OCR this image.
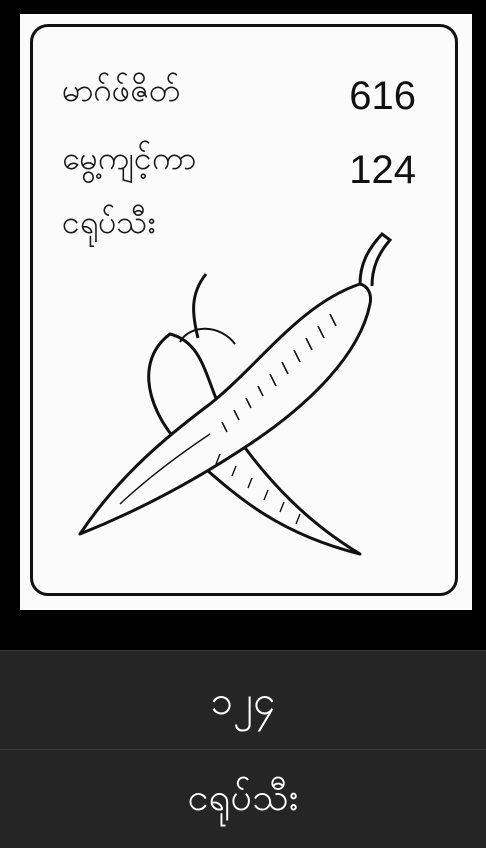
မာဂ်ဖ်ဇိတ်	616
မွေ့ကျင့်ကာ	124
ငရုပ်သီး
၁၂၄
ငရုပ်သီး
